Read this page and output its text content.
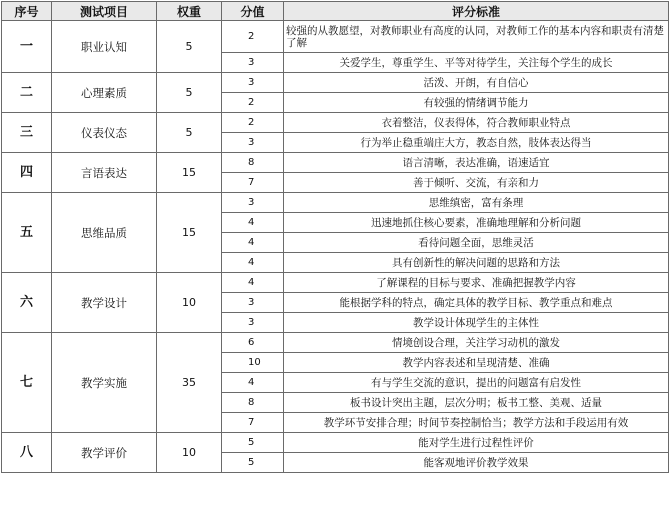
序号	测试项目	权重	分值	评分标准
一	职业认知	5	2	较强的从教愿望，对教师职业有高度的认同，对教师工作的基本内容和职责有清楚了解
			3	关爱学生，尊重学生、平等对待学生，关注每个学生的成长
二	心理素质	5	3	活泼、开朗，有自信心
			2	有较强的情绪调节能力
三	仪表仪态	5	2	衣着整洁，仪表得体，符合教师职业特点
			3	行为举止稳重端庄大方，教态自然，肢体表达得当
四	言语表达	15	8	语言清晰，表达准确，语速适宜
			7	善于倾听、交流，有亲和力
五	思维品质	15	3	思维缜密，富有条理
			4	迅速地抓住核心要素，准确地理解和分析问题
			4	看待问题全面，思维灵活
			4	具有创新性的解决问题的思路和方法
六	教学设计	10	4	了解课程的目标与要求、准确把握教学内容
			3	能根据学科的特点，确定具体的教学目标、教学重点和难点
			3	教学设计体现学生的主体性
七	教学实施	35	6	情境创设合理，关注学习动机的激发
			10	教学内容表述和呈现清楚、准确
			4	有与学生交流的意识，提出的问题富有启发性
			8	板书设计突出主题，层次分明；板书工整、美观、适量
			7	教学环节安排合理；时间节奏控制恰当；教学方法和手段运用有效
八	教学评价	10	5	能对学生进行过程性评价
			5	能客观地评价教学效果
